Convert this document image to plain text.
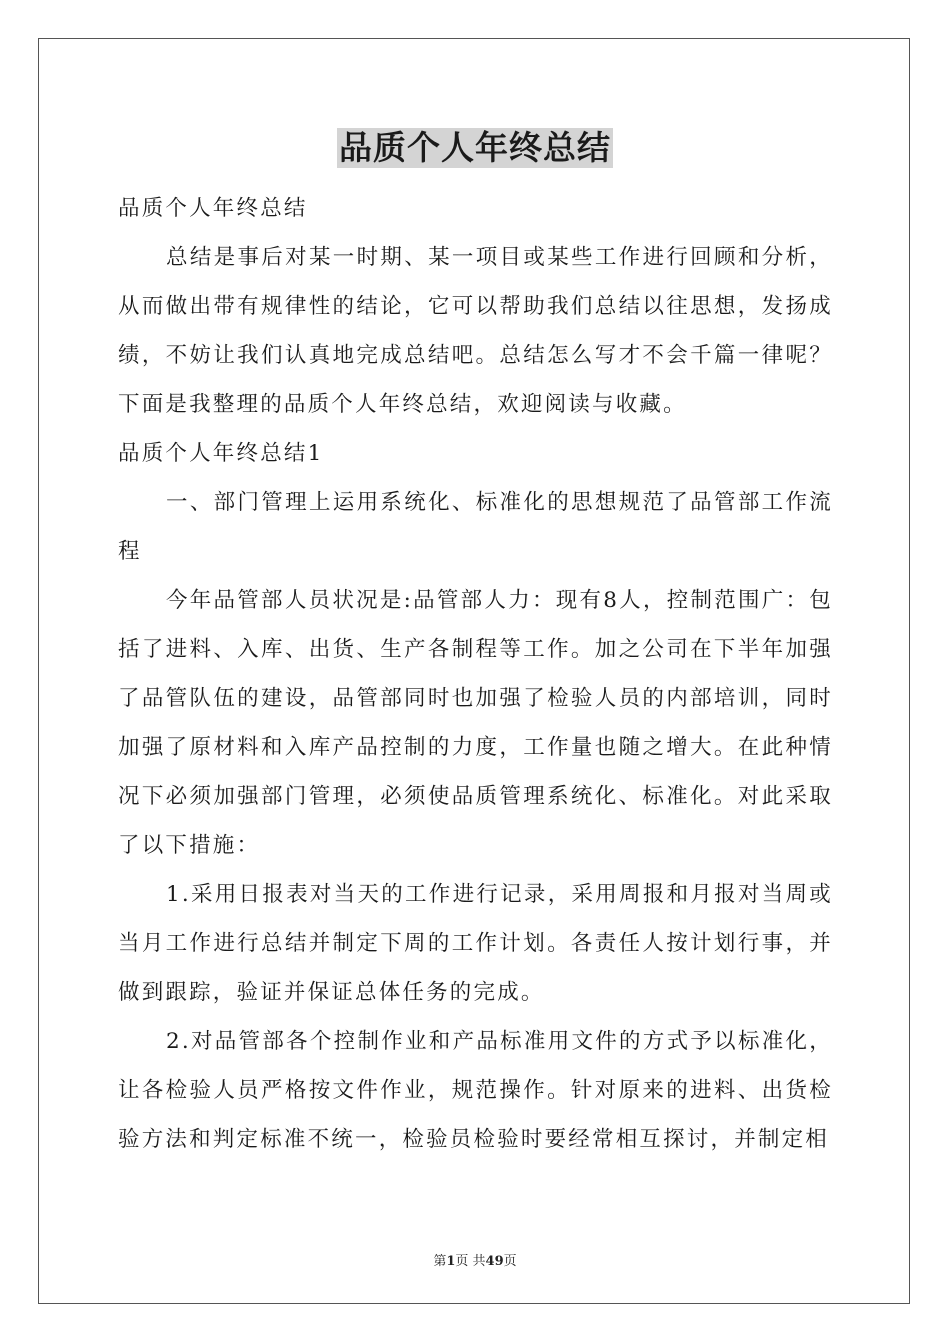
品质个人年终总结

品质个人年终总结

总结是事后对某一时期、某一项目或某些工作进行回顾和分析，从而做出带有规律性的结论，它可以帮助我们总结以往思想，发扬成绩，不妨让我们认真地完成总结吧。总结怎么写才不会千篇一律呢？下面是我整理的品质个人年终总结，欢迎阅读与收藏。

品质个人年终总结1

一、部门管理上运用系统化、标准化的思想规范了品管部工作流程

今年品管部人员状况是:品管部人力：现有8人，控制范围广：包括了进料、入库、出货、生产各制程等工作。加之公司在下半年加强了品管队伍的建设，品管部同时也加强了检验人员的内部培训，同时加强了原材料和入库产品控制的力度，工作量也随之增大。在此种情况下必须加强部门管理，必须使品质管理系统化、标准化。对此采取了以下措施：

1.采用日报表对当天的工作进行记录，采用周报和月报对当周或当月工作进行总结并制定下周的工作计划。各责任人按计划行事，并做到跟踪，验证并保证总体任务的完成。

2.对品管部各个控制作业和产品标准用文件的方式予以标准化，让各检验人员严格按文件作业，规范操作。针对原来的进料、出货检验方法和判定标准不统一，检验员检验时要经常相互探讨，并制定相

第1页 共49页
